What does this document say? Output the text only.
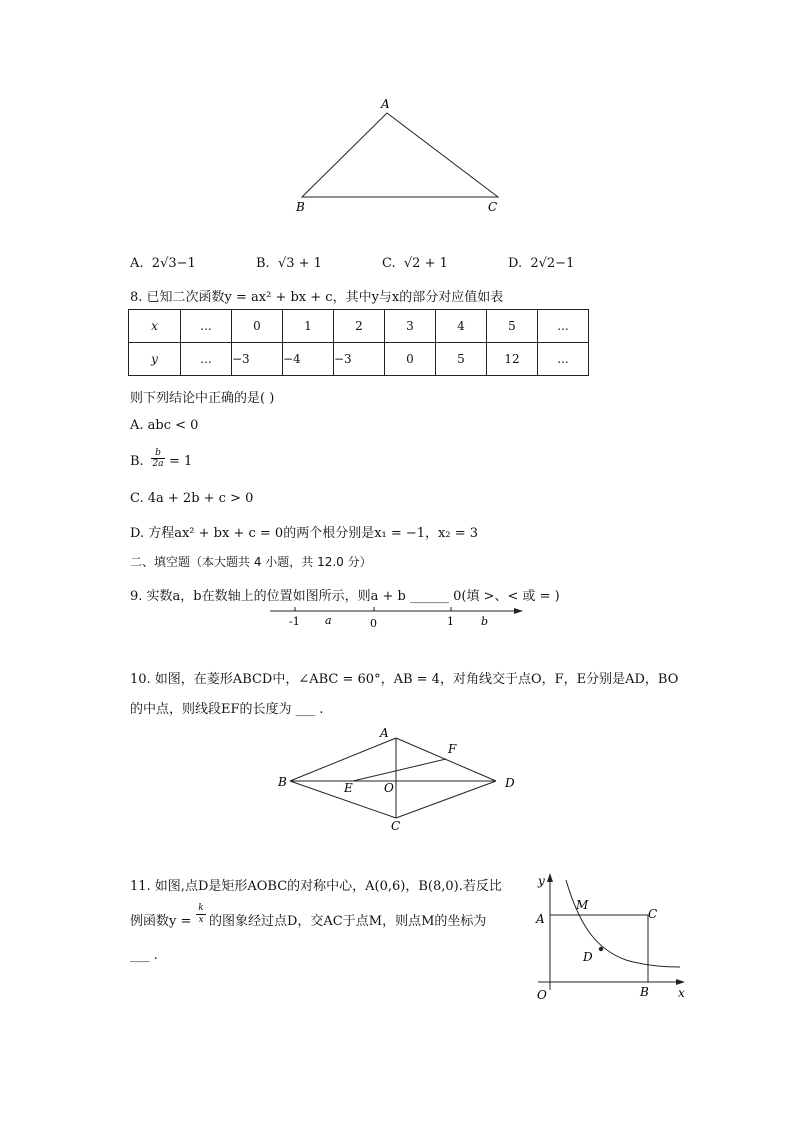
A
B	C
A. 2√3−1	B. √3 + 1	C. √2 + 1	D. 2√2−1
8. 已知二次函数y = ax² + bx + c，其中y与x的部分对应值如表
x	...	0	1	2	3	4	5	...
y	...	−3	−4	−3	0	5	12	...
则下列结论中正确的是( )
A. abc < 0
B.
b
2a = 1
C. 4a + 2b + c > 0
D. 方程ax² + bx + c = 0的两个根分别是x₁ = −1，x₂ = 3
二、填空题（本大题共 4 小题，共 12.0 分）
9. 实数a，b在数轴上的位置如图所示，则a + b ______ 0(填 >、< 或 = )
-1 a	0	1 b
10. 如图，在菱形ABCD中，∠ABC = 60°，AB = 4，对角线交于点O，F，E分别是AD，BO
的中点，则线段EF的长度为 ___ .
A
B
C
D
E
F
O
11. 如图,点D是矩形AOBC的对称中心，A(0,6)，B(8,0).若反比
例函数y =
k
x 的图象经过点D，交AC于点M，则点M的坐标为
___ .
y
M
C
A
D
O	B x
